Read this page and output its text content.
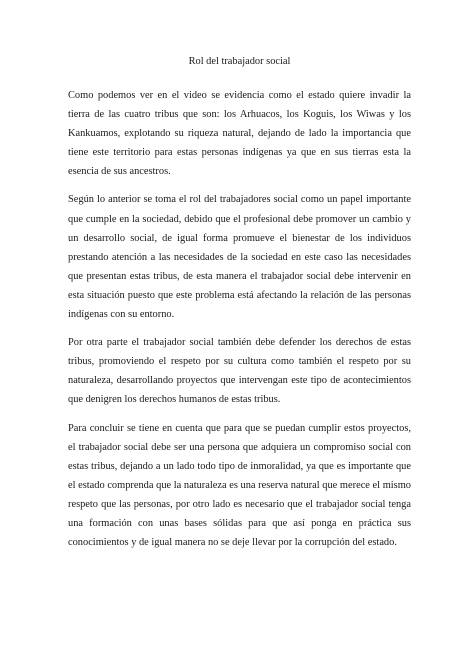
Rol del trabajador social

Como podemos ver en el video se evidencia como el estado quiere invadir la tierra de las cuatro tribus que son: los Arhuacos, los Koguis, los Wiwas y los Kankuamos, explotando su riqueza natural, dejando de lado la importancia que tiene este territorio para estas personas indígenas ya que en sus tierras esta la esencia de sus ancestros.

Según lo anterior se toma el rol del trabajadores social como un papel importante que cumple en la sociedad, debido que el profesional debe promover un cambio y un desarrollo social, de igual forma promueve el bienestar de los individuos prestando atención a las necesidades de la sociedad en este caso las necesidades que presentan estas tribus, de esta manera el trabajador social debe intervenir en esta situación puesto que este problema está afectando la relación de las personas indígenas con su entorno.

Por otra parte el trabajador social también debe defender los derechos de estas tribus, promoviendo el respeto por su cultura como también el respeto por su naturaleza, desarrollando proyectos que intervengan este tipo de acontecimientos que denigren los derechos humanos de estas tribus.

Para concluir se tiene en cuenta que para que se puedan cumplir estos proyectos, el trabajador social debe ser una persona que adquiera un compromiso social con estas tribus, dejando a un lado todo tipo de inmoralidad, ya que es importante que el estado comprenda que la naturaleza es una reserva natural que merece el mismo respeto que las personas, por otro lado es necesario que el trabajador social tenga una formación con unas bases sólidas para que así ponga en práctica sus conocimientos y de igual manera no se deje llevar por la corrupción del estado.
